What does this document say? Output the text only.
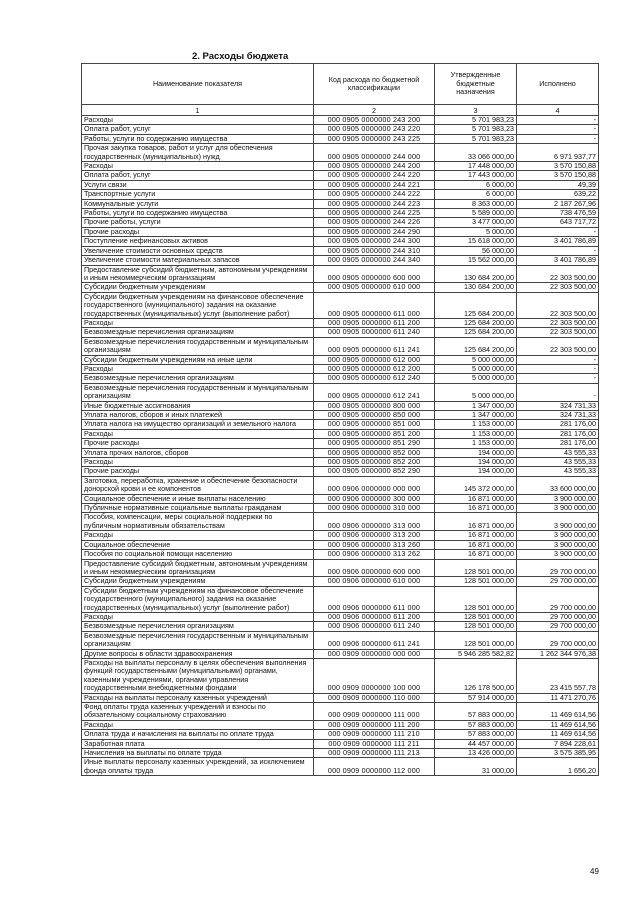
2. Расходы бюджета
Наименование показателя	Код расхода по бюджетной классификации	Утвержденные бюджетные назначения	Исполнено
1	2	3	4
Расходы	000 0905 0000000 243 200	5 701 983,23	-
Оплата работ, услуг	000 0905 0000000 243 220	5 701 983,23	-
Работы, услуги по содержанию имущества	000 0905 0000000 243 225	5 701 983,23	-
Прочая закупка товаров, работ и услуг для обеспечения государственных (муниципальных) нужд	000 0905 0000000 244 000	33 066 000,00	6 971 937,77
Расходы	000 0905 0000000 244 200	17 448 000,00	3 570 150,88
Оплата работ, услуг	000 0905 0000000 244 220	17 443 000,00	3 570 150,88
Услуги связи	000 0905 0000000 244 221	6 000,00	49,39
Транспортные услуги	000 0905 0000000 244 222	6 000,00	639,22
Коммунальные услуги	000 0905 0000000 244 223	8 363 000,00	2 187 267,96
Работы, услуги по содержанию имущества	000 0905 0000000 244 225	5 589 000,00	738 476,59
Прочие работы, услуги	000 0905 0000000 244 226	3 477 000,00	643 717,72
Прочие расходы	000 0905 0000000 244 290	5 000,00	-
Поступление нефинансовых активов	000 0905 0000000 244 300	15 618 000,00	3 401 786,89
Увеличение стоимости основных средств	000 0905 0000000 244 310	56 000,00	-
Увеличение стоимости материальных запасов	000 0905 0000000 244 340	15 562 000,00	3 401 786,89
Предоставление субсидий бюджетным, автономным учреждениям и иным некоммерческим организациям	000 0905 0000000 600 000	130 684 200,00	22 303 500,00
Субсидии бюджетным учреждениям	000 0905 0000000 610 000	130 684 200,00	22 303 500,00
Субсидии бюджетным учреждениям на финансовое обеспечение государственного (муниципального) задания на оказание государственных (муниципальных) услуг (выполнение работ)	000 0905 0000000 611 000	125 684 200,00	22 303 500,00
Расходы	000 0905 0000000 611 200	125 684 200,00	22 303 500,00
Безвозмездные перечисления организациям	000 0905 0000000 611 240	125 684 200,00	22 303 500,00
Безвозмездные перечисления государственным и муниципальным организациям	000 0905 0000000 611 241	125 684 200,00	22 303 500,00
Субсидии бюджетным учреждениям на иные цели	000 0905 0000000 612 000	5 000 000,00	-
Расходы	000 0905 0000000 612 200	5 000 000,00	-
Безвозмездные перечисления организациям	000 0905 0000000 612 240	5 000 000,00	-
Безвозмездные перечисления государственным и муниципальным организациям	000 0905 0000000 612 241	5 000 000,00	-
Иные бюджетные ассигнования	000 0905 0000000 800 000	1 347 000,00	324 731,33
Уплата налогов, сборов и иных платежей	000 0905 0000000 850 000	1 347 000,00	324 731,33
Уплата налога на имущество организаций и земельного налога	000 0905 0000000 851 000	1 153 000,00	281 176,00
Расходы	000 0905 0000000 851 200	1 153 000,00	281 176,00
Прочие расходы	000 0905 0000000 851 290	1 153 000,00	281 176,00
Уплата прочих налогов, сборов	000 0905 0000000 852 000	194 000,00	43 555,33
Расходы	000 0905 0000000 852 200	194 000,00	43 555,33
Прочие расходы	000 0905 0000000 852 290	194 000,00	43 555,33
Заготовка, переработка, хранение и обеспечение безопасности донорской крови и ее компонентов	000 0906 0000000 000 000	145 372 000,00	33 600 000,00
Социальное обеспечение и иные выплаты населению	000 0906 0000000 300 000	16 871 000,00	3 900 000,00
Публичные нормативные социальные выплаты гражданам	000 0906 0000000 310 000	16 871 000,00	3 900 000,00
Пособия, компенсации, меры социальной поддержки по публичным нормативным обязательствам	000 0906 0000000 313 000	16 871 000,00	3 900 000,00
Расходы	000 0906 0000000 313 200	16 871 000,00	3 900 000,00
Социальное обеспечение	000 0906 0000000 313 260	16 871 000,00	3 900 000,00
Пособия по социальной помощи населению	000 0906 0000000 313 262	16 871 000,00	3 900 000,00
Предоставление субсидий бюджетным, автономным учреждениям и иным некоммерческим организациям	000 0906 0000000 600 000	128 501 000,00	29 700 000,00
Субсидии бюджетным учреждениям	000 0906 0000000 610 000	128 501 000,00	29 700 000,00
Субсидии бюджетным учреждениям на финансовое обеспечение государственного (муниципального) задания на оказание государственных (муниципальных) услуг (выполнение работ)	000 0906 0000000 611 000	128 501 000,00	29 700 000,00
Расходы	000 0906 0000000 611 200	128 501 000,00	29 700 000,00
Безвозмездные перечисления организациям	000 0906 0000000 611 240	128 501 000,00	29 700 000,00
Безвозмездные перечисления государственным и муниципальным организациям	000 0906 0000000 611 241	128 501 000,00	29 700 000,00
Другие вопросы в области здравоохранения	000 0909 0000000 000 000	5 946 285 582,82	1 262 344 976,38
Расходы на выплаты персоналу в целях обеспечения выполнения функций государственными (муниципальными) органами, казенными учреждениями, органами управления государственными внебюджетными фондами	000 0909 0000000 100 000	126 178 500,00	23 415 557,78
Расходы на выплаты персоналу казенных учреждений	000 0909 0000000 110 000	57 914 000,00	11 471 270,76
Фонд оплаты труда казенных учреждений и взносы по обязательному социальному страхованию	000 0909 0000000 111 000	57 883 000,00	11 469 614,56
Расходы	000 0909 0000000 111 200	57 883 000,00	11 469 614,56
Оплата труда и начисления на выплаты по оплате труда	000 0909 0000000 111 210	57 883 000,00	11 469 614,56
Заработная плата	000 0909 0000000 111 211	44 457 000,00	7 894 228,61
Начисления на выплаты по оплате труда	000 0909 0000000 111 213	13 426 000,00	3 575 385,95
Иные выплаты персоналу казенных учреждений, за исключением фонда оплаты труда	000 0909 0000000 112 000	31 000,00	1 656,20
49
